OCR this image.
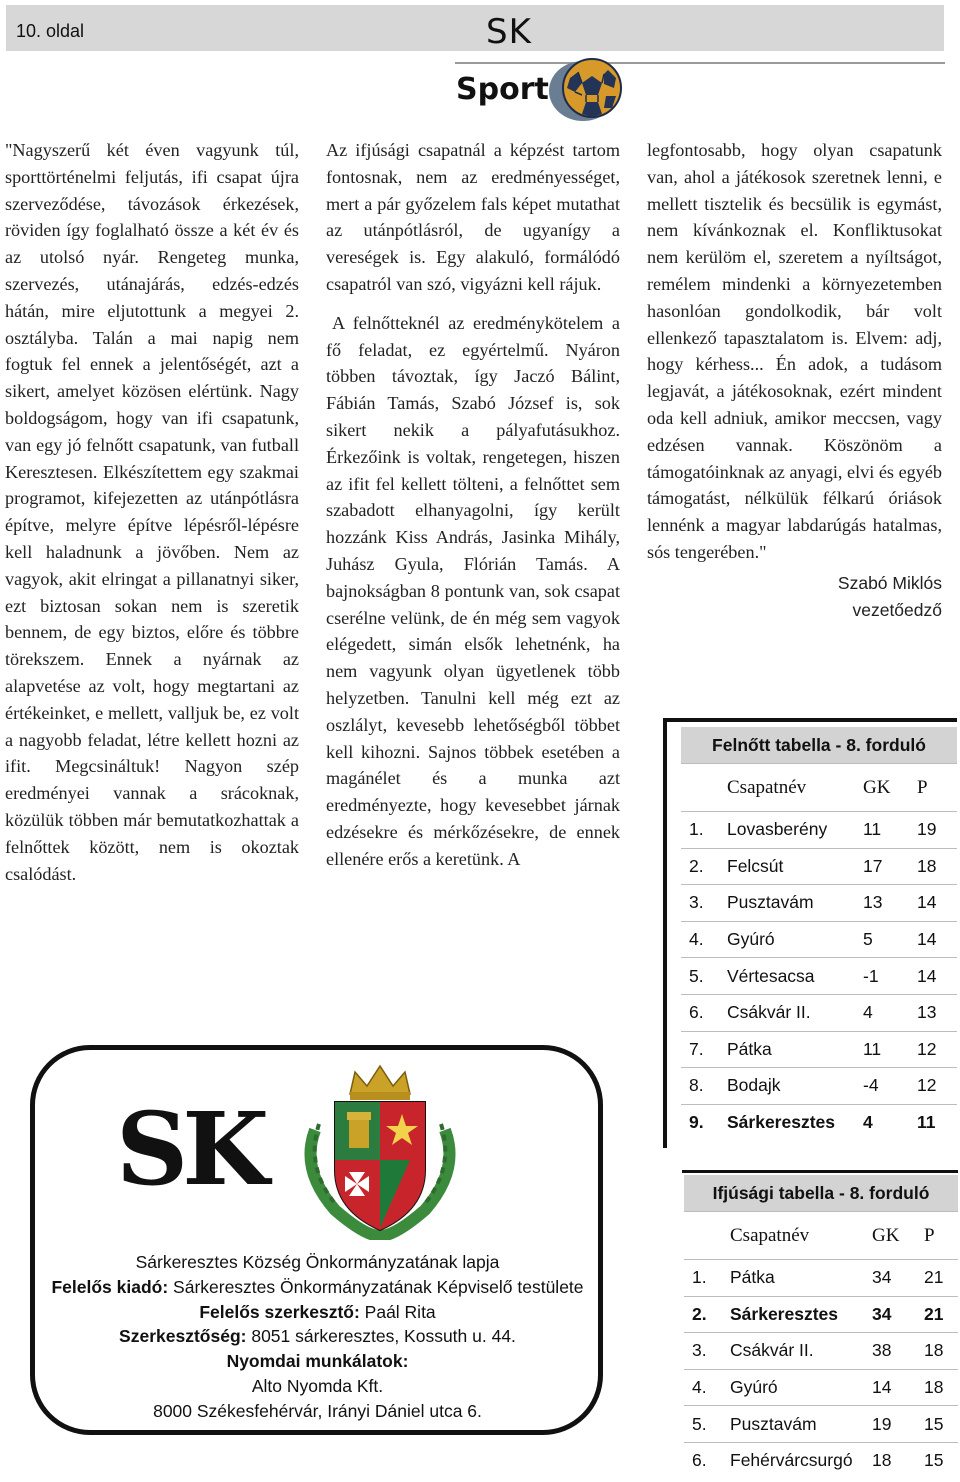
10. oldal	SK
Sport

"Nagyszerű két éven vagyunk túl, sporttörténelmi feljutás, ifi csapat újra szerveződése, távozások érkezések, röviden így foglalható össze a két év és az utolsó nyár. Rengeteg munka, szervezés, utánajárás, edzés-edzés hátán, mire eljutottunk a megyei 2. osztályba. Talán a mai napig nem fogtuk fel ennek a jelentőségét, azt a sikert, amelyet közösen elértünk. Nagy boldogságom, hogy van ifi csapatunk, van egy jó felnőtt csapatunk, van futball Keresztesen. Elkészítettem egy szakmai programot, kifejezetten az utánpótlásra építve, melyre építve lépésről-lépésre kell haladnunk a jövőben. Nem az vagyok, akit elringat a pillanatnyi siker, ezt biztosan sokan nem is szeretik bennem, de egy biztos, előre és többre törekszem. Ennek a nyárnak az alapvetése az volt, hogy megtartani az értékeinket, e mellett, valljuk be, ez volt a nagyobb feladat, létre kellett hozni az ifit. Megcsináltuk! Nagyon szép eredményei vannak a srácoknak, közülük többen már bemutatkozhattak a felnőttek között, nem is okoztak csalódást.

Az ifjúsági csapatnál a képzést tartom fontosnak, nem az eredményességet, mert a pár győzelem fals képet mutathat az utánpótlásról, de ugyanígy a vereségek is. Egy alakuló, formálódó csapatról van szó, vigyázni kell rájuk.

A felnőtteknél az eredménykötelem a fő feladat, ez egyértelmű. Nyáron többen távoztak, így Jaczó Bálint, Fábián Tamás, Szabó József is, sok sikert nekik a pályafutásukhoz. Érkezőink is voltak, rengetegen, hiszen az ifit fel kellett tölteni, a felnőttet sem szabadott elhanyagolni, így került hozzánk Kiss András, Jasinka Mihály, Juhász Gyula, Flórián Tamás. A bajnokságban 8 pontunk van, sok csapat cserélne velünk, de én még sem vagyok elégedett, simán elsők lehetnénk, ha nem vagyunk olyan ügyetlenek több helyzetben. Tanulni kell még ezt az oszlályt, kevesebb lehetőségből többet kell kihozni. Sajnos többek esetében a magánélet és a munka azt eredményezte, hogy kevesebbet járnak edzésekre és mérkőzésekre, de ennek ellenére erős a keretünk. A

legfontosabb, hogy olyan csapatunk van, ahol a játékosok szeretnek lenni, e mellett tisztelik és becsülik is egymást, nem kívánkoznak el. Konfliktusokat nem kerülöm el, szeretem a nyíltságot, remélem mindenki a környezetemben hasonlóan gondolkodik, bár volt ellenkező tapasztalatom is. Elvem: adj, hogy kérhess... Én adok, a tudásom legjavát, a játékosoknak, ezért mindent oda kell adniuk, amikor meccsen, vagy edzésen vannak. Köszönöm a támogatóinknak az anyagi, elvi és egyéb támogatást, nélkülük félkarú óriások lennénk a magyar labdarúgás hatalmas, sós tengerében."

Szabó Miklós
vezetőedző
SK
Sárkeresztes Község Önkormányzatának lapja
Felelős kiadó: Sárkeresztes Önkormányzatának Képviselő testülete
Felelős szerkesztő: Paál Rita
Szerkesztőség: 8051 sárkeresztes, Kossuth u. 44.
Nyomdai munkálatok:
Alto Nyomda Kft.
8000 Székesfehérvár, Irányi Dániel utca 6.
Felnőtt tabella - 8. forduló			
	Csapatnév	GK	P
1.	Lovasberény	11	19
2.	Felcsút	17	18
3.	Pusztavám	13	14
4.	Gyúró	5	14
5.	Vértesacsa	-1	14
6.	Csákvár II.	4	13
7.	Pátka	11	12
8.	Bodajk	-4	12
9.	Sárkeresztes	4	11
Ifjúsági tabella - 8. forduló			
	Csapatnév	GK	P
1.	Pátka	34	21
2.	Sárkeresztes	34	21
3.	Csákvár II.	38	18
4.	Gyúró	14	18
5.	Pusztavám	19	15
6.	Fehérvárcsurgó	18	15
